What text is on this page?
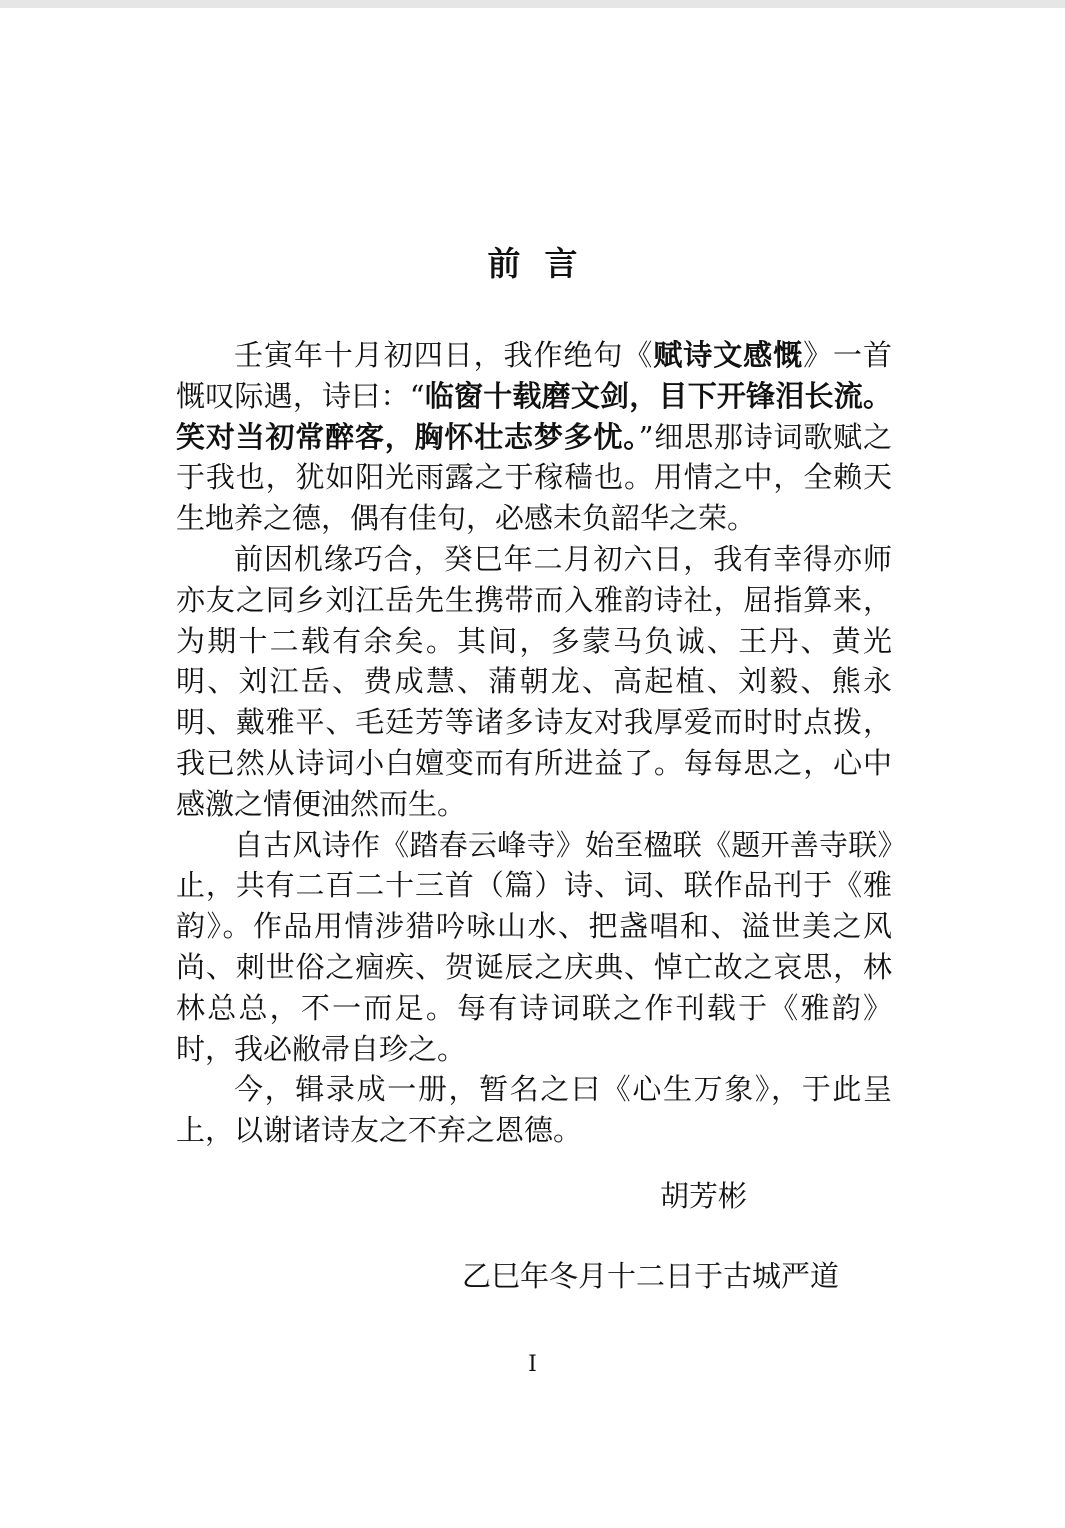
前言

壬寅年十月初四日，我作绝句《赋诗文感慨》一首慨叹际遇，诗曰：“临窗十载磨文剑，目下开锋泪长流。笑对当初常醉客，胸怀壮志梦多忧。”细思那诗词歌赋之于我也，犹如阳光雨露之于稼穑也。用情之中，全赖天生地养之德，偶有佳句，必感未负韶华之荣。

前因机缘巧合，癸巳年二月初六日，我有幸得亦师亦友之同乡刘江岳先生携带而入雅韵诗社，屈指算来，为期十二载有余矣。其间，多蒙马负诚、王丹、黄光明、刘江岳、费成慧、蒲朝龙、高起植、刘毅、熊永明、戴雅平、毛廷芳等诸多诗友对我厚爱而时时点拨，我已然从诗词小白嬗变而有所进益了。每每思之，心中感激之情便油然而生。

自古风诗作《踏春云峰寺》始至楹联《题开善寺联》止，共有二百二十三首（篇）诗、词、联作品刊于《雅韵》。作品用情涉猎吟咏山水、把盏唱和、溢世美之风尚、刺世俗之痼疾、贺诞辰之庆典、悼亡故之哀思，林林总总，不一而足。每有诗词联之作刊载于《雅韵》时，我必敝帚自珍之。

今，辑录成一册，暂名之曰《心生万象》，于此呈上，以谢诸诗友之不弃之恩德。

胡芳彬
乙巳年冬月十二日于古城严道
I
